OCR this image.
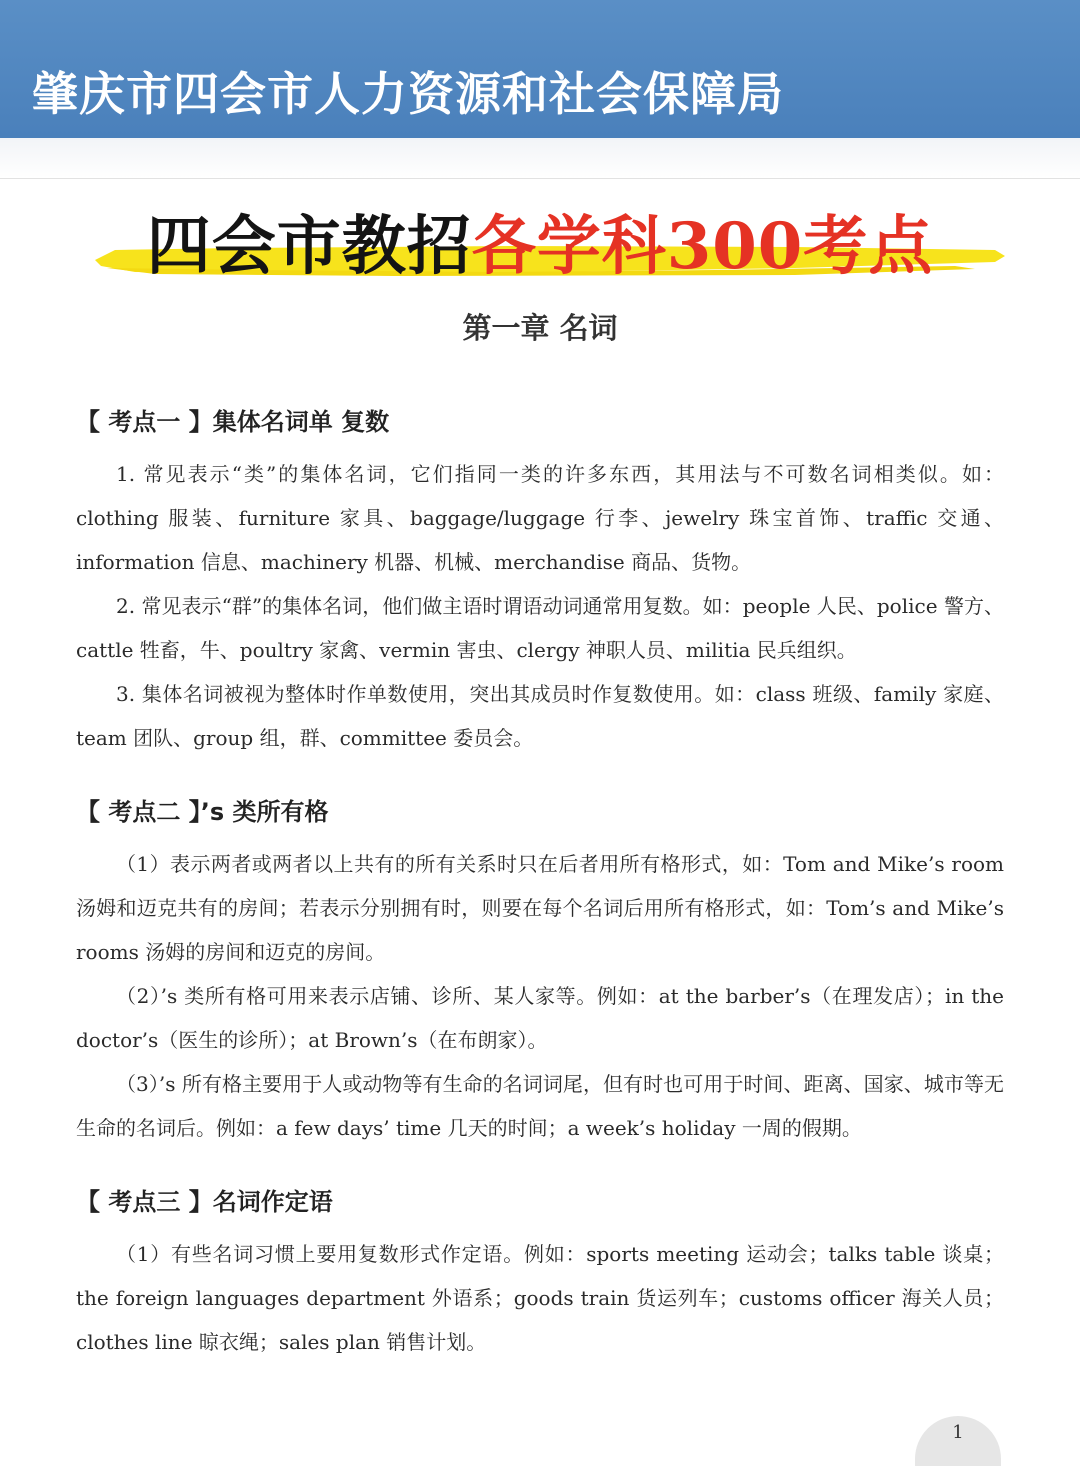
肇庆市四会市人力资源和社会保障局
四会市教招各学科300考点
第一章 名词
【 考点一 】集体名词单 复数

1. 常见表示“类”的集体名词，它们指同一类的许多东西，其用法与不可数名词相类似。如：clothing 服装、furniture 家具、baggage/luggage 行李、jewelry 珠宝首饰、traffic 交通、information 信息、machinery 机器、机械、merchandise 商品、货物。

2. 常见表示“群”的集体名词，他们做主语时谓语动词通常用复数。如：people 人民、police 警方、cattle 牲畜，牛、poultry 家禽、vermin 害虫、clergy 神职人员、militia 民兵组织。

3. 集体名词被视为整体时作单数使用，突出其成员时作复数使用。如：class 班级、family 家庭、team 团队、group 组，群、committee 委员会。

【 考点二 】’s 类所有格

（1）表示两者或两者以上共有的所有关系时只在后者用所有格形式，如：Tom and Mike’s room 汤姆和迈克共有的房间；若表示分别拥有时，则要在每个名词后用所有格形式，如：Tom’s and Mike’s rooms 汤姆的房间和迈克的房间。

（2）’s 类所有格可用来表示店铺、诊所、某人家等。例如：at the barber’s（在理发店）；in the doctor’s（医生的诊所）；at Brown’s（在布朗家）。

（3）’s 所有格主要用于人或动物等有生命的名词词尾，但有时也可用于时间、距离、国家、城市等无生命的名词后。例如：a few days’ time 几天的时间；a week’s holiday 一周的假期。

【 考点三 】名词作定语

（1）有些名词习惯上要用复数形式作定语。例如：sports meeting 运动会；talks table 谈桌；the foreign languages department 外语系；goods train 货运列车；customs officer 海关人员；clothes line 晾衣绳；sales plan 销售计划。

1
